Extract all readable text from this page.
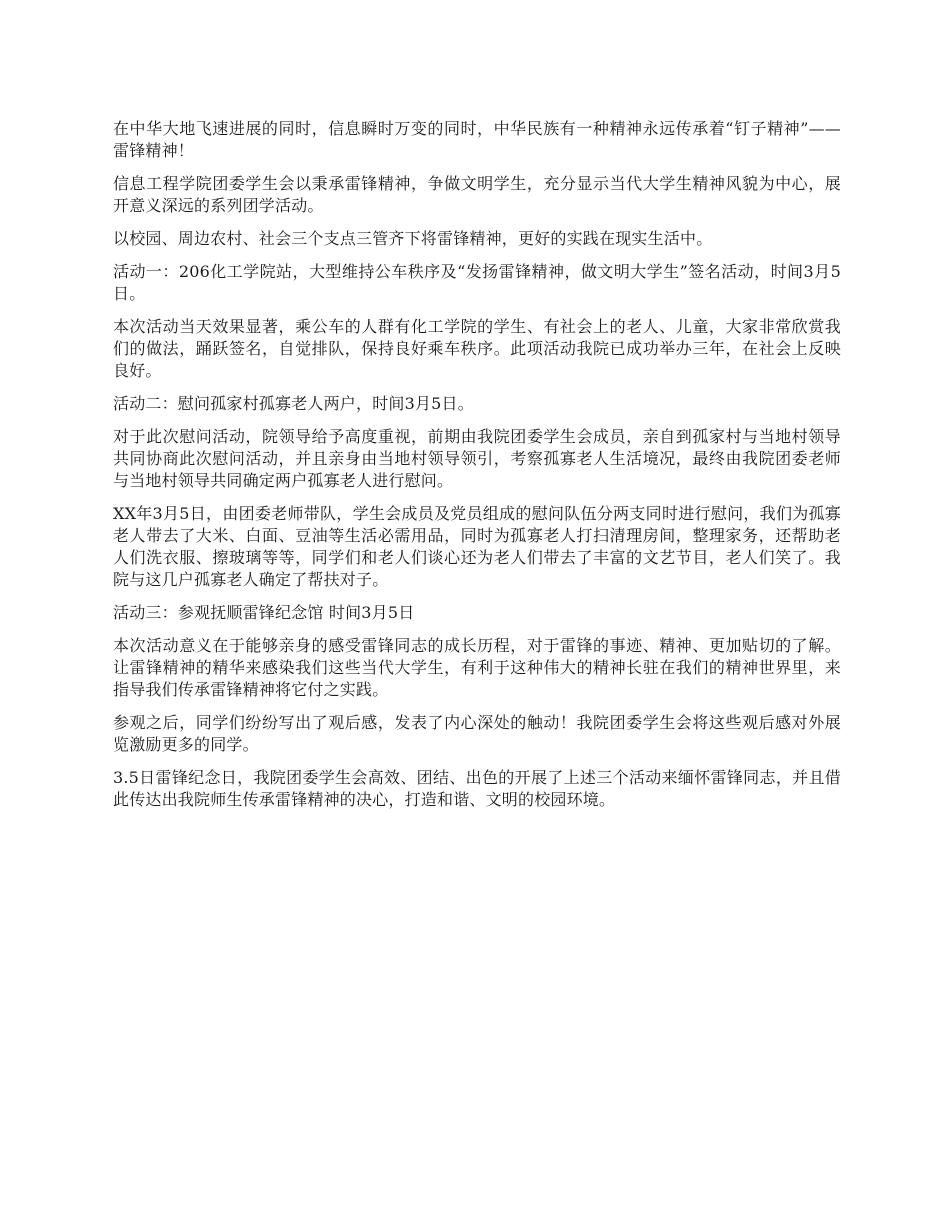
在中华大地飞速进展的同时，信息瞬时万变的同时，中华民族有一种精神永远传承着“钉子精神”——雷锋精神！

信息工程学院团委学生会以秉承雷锋精神，争做文明学生，充分显示当代大学生精神风貌为中心，展开意义深远的系列团学活动。

以校园、周边农村、社会三个支点三管齐下将雷锋精神，更好的实践在现实生活中。

活动一：206化工学院站，大型维持公车秩序及“发扬雷锋精神，做文明大学生”签名活动，时间3月5日。

本次活动当天效果显著，乘公车的人群有化工学院的学生、有社会上的老人、儿童，大家非常欣赏我们的做法，踊跃签名，自觉排队，保持良好乘车秩序。此项活动我院已成功举办三年，在社会上反映良好。

活动二：慰问孤家村孤寡老人两户，时间3月5日。

对于此次慰问活动，院领导给予高度重视，前期由我院团委学生会成员，亲自到孤家村与当地村领导共同协商此次慰问活动，并且亲身由当地村领导领引，考察孤寡老人生活境况，最终由我院团委老师与当地村领导共同确定两户孤寡老人进行慰问。

XX年3月5日，由团委老师带队，学生会成员及党员组成的慰问队伍分两支同时进行慰问，我们为孤寡老人带去了大米、白面、豆油等生活必需用品，同时为孤寡老人打扫清理房间，整理家务，还帮助老人们洗衣服、擦玻璃等等，同学们和老人们谈心还为老人们带去了丰富的文艺节目，老人们笑了。我院与这几户孤寡老人确定了帮扶对子。

活动三：参观抚顺雷锋纪念馆 时间3月5日

本次活动意义在于能够亲身的感受雷锋同志的成长历程，对于雷锋的事迹、精神、更加贴切的了解。让雷锋精神的精华来感染我们这些当代大学生，有利于这种伟大的精神长驻在我们的精神世界里，来指导我们传承雷锋精神将它付之实践。

参观之后，同学们纷纷写出了观后感，发表了内心深处的触动！我院团委学生会将这些观后感对外展览激励更多的同学。

3.5日雷锋纪念日，我院团委学生会高效、团结、出色的开展了上述三个活动来缅怀雷锋同志，并且借此传达出我院师生传承雷锋精神的决心，打造和谐、文明的校园环境。
